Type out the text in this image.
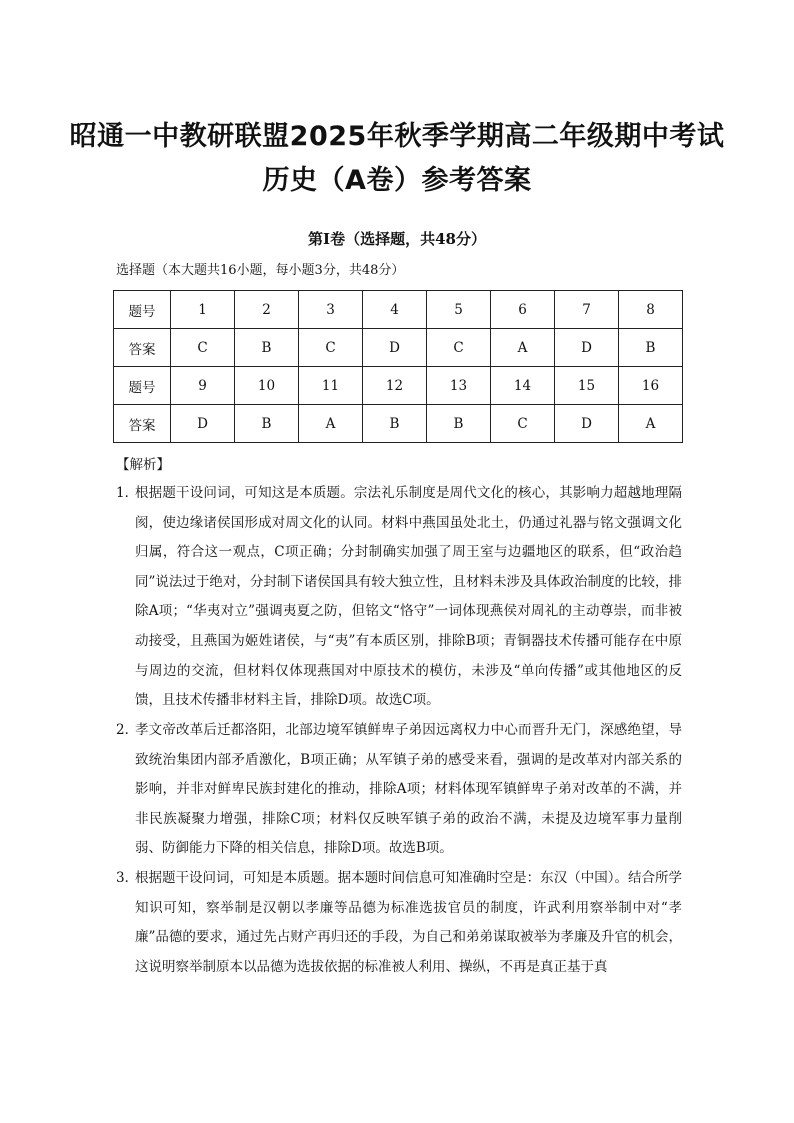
昭通一中教研联盟2025年秋季学期高二年级期中考试
历史（A卷）参考答案
第Ⅰ卷（选择题，共48分）
选择题（本大题共16小题，每小题3分，共48分）
题号	1	2	3	4	5	6	7	8
答案	C	B	C	D	C	A	D	B
题号	9	10	11	12	13	14	15	16
答案	D	B	A	B	B	C	D	A
【解析】
1．
根据题干设问词，可知这是本质题。宗法礼乐制度是周代文化的核心，其影响力超越地理隔阂，使边缘诸侯国形成对周文化的认同。材料中燕国虽处北土，仍通过礼器与铭文强调文化归属，符合这一观点，C项正确；分封制确实加强了周王室与边疆地区的联系，但“政治趋同”说法过于绝对，分封制下诸侯国具有较大独立性，且材料未涉及具体政治制度的比较，排除A项；“华夷对立”强调夷夏之防，但铭文“恪守”一词体现燕侯对周礼的主动尊崇，而非被动接受，且燕国为姬姓诸侯，与“夷”有本质区别，排除B项；青铜器技术传播可能存在中原与周边的交流，但材料仅体现燕国对中原技术的模仿，未涉及“单向传播”或其他地区的反馈，且技术传播非材料主旨，排除D项。故选C项。
2．
孝文帝改革后迁都洛阳，北部边境军镇鲜卑子弟因远离权力中心而晋升无门，深感绝望，导致统治集团内部矛盾激化，B项正确；从军镇子弟的感受来看，强调的是改革对内部关系的影响，并非对鲜卑民族封建化的推动，排除A项；材料体现军镇鲜卑子弟对改革的不满，并非民族凝聚力增强，排除C项；材料仅反映军镇子弟的政治不满，未提及边境军事力量削弱、防御能力下降的相关信息，排除D项。故选B项。
3．
根据题干设问词，可知是本质题。据本题时间信息可知准确时空是：东汉（中国）。结合所学知识可知，察举制是汉朝以孝廉等品德为标准选拔官员的制度，许武利用察举制中对“孝廉”品德的要求，通过先占财产再归还的手段，为自己和弟弟谋取被举为孝廉及升官的机会，这说明察举制原本以品德为选拔依据的标准被人利用、操纵，不再是真正基于真
